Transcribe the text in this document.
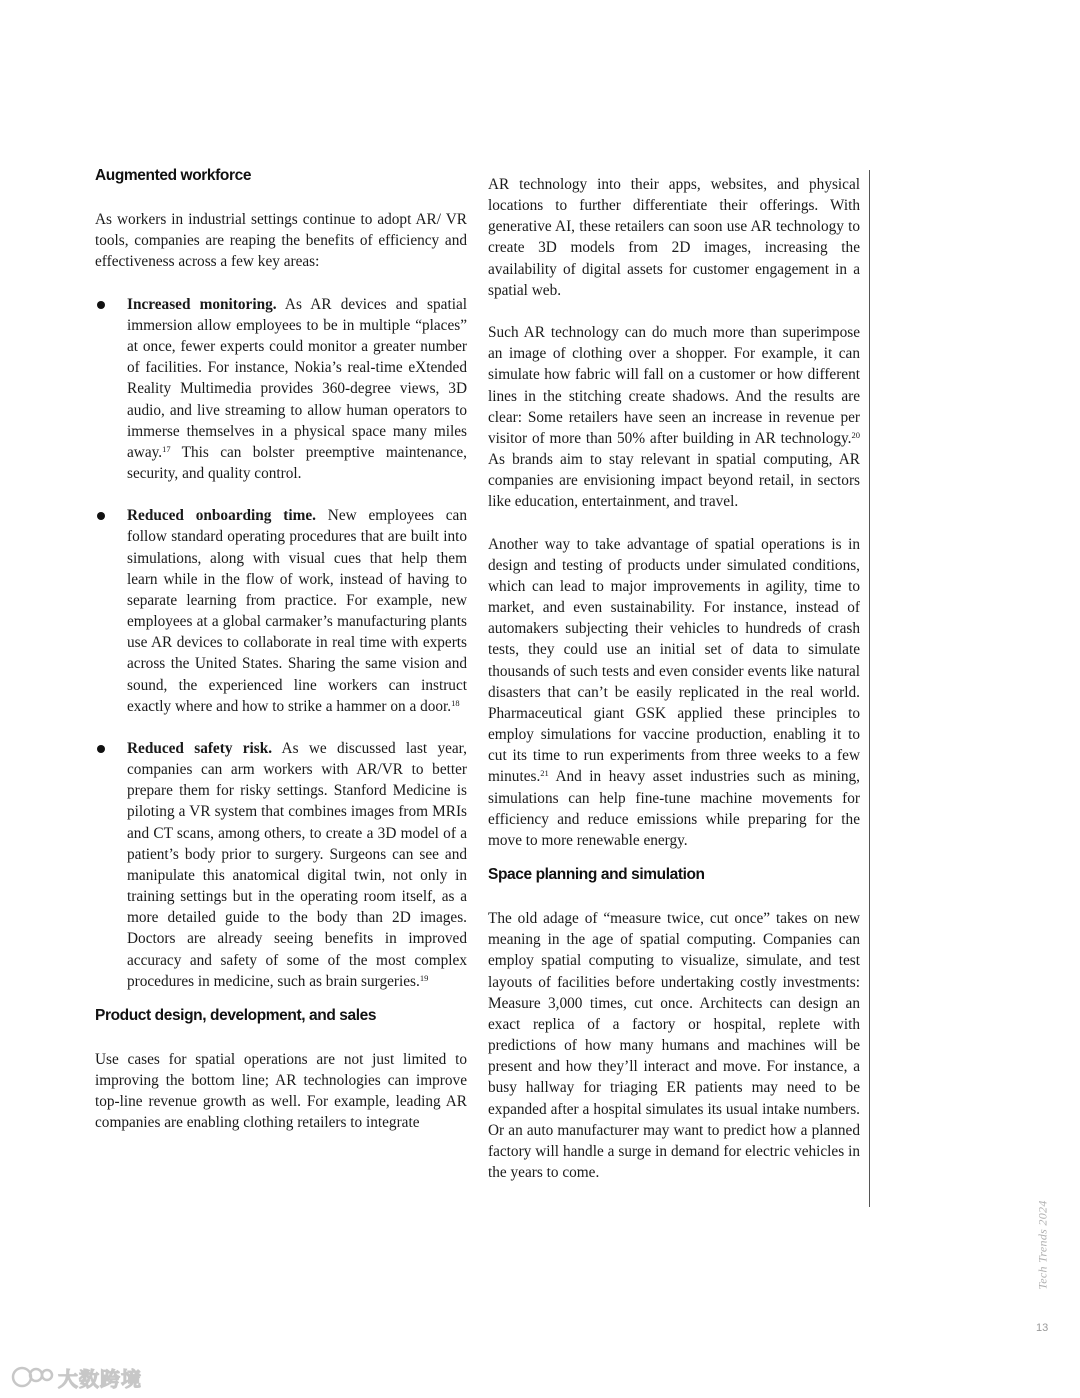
Augmented workforce

As workers in industrial settings continue to adopt AR/ VR tools, companies are reaping the benefits of efficiency and effectiveness across a few key areas:

Increased monitoring. As AR devices and spatial immersion allow employees to be in multiple “places” at once, fewer experts could monitor a greater number of facilities. For instance, Nokia’s real-time eXtended Reality Multimedia provides 360-degree views, 3D audio, and live streaming to allow human operators to immerse themselves in a physical space many miles away.$^{17}$ This can bolster preemptive maintenance, security, and quality control.
Reduced onboarding time. New employees can follow standard operating procedures that are built into simulations, along with visual cues that help them learn while in the flow of work, instead of having to separate learning from practice. For example, new employees at a global carmaker’s manufacturing plants use AR devices to collaborate in real time with experts across the United States. Sharing the same vision and sound, the experienced line workers can instruct exactly where and how to strike a hammer on a door.$^{18}$
Reduced safety risk. As we discussed last year, companies can arm workers with AR/VR to better prepare them for risky settings. Stanford Medicine is piloting a VR system that combines images from MRIs and CT scans, among others, to create a 3D model of a patient’s body prior to surgery. Surgeons can see and manipulate this anatomical digital twin, not only in training settings but in the operating room itself, as a more detailed guide to the body than 2D images. Doctors are already seeing benefits in improved accuracy and safety of some of the most complex procedures in medicine, such as brain surgeries.$^{19}$
Product design, development, and sales

Use cases for spatial operations are not just limited to improving the bottom line; AR technologies can improve top-line revenue growth as well. For example, leading AR companies are enabling clothing retailers to integrate

AR technology into their apps, websites, and physical locations to further differentiate their offerings. With generative AI, these retailers can soon use AR technology to create 3D models from 2D images, increasing the availability of digital assets for customer engagement in a spatial web.

Such AR technology can do much more than superimpose an image of clothing over a shopper. For example, it can simulate how fabric will fall on a customer or how different lines in the stitching create shadows. And the results are clear: Some retailers have seen an increase in revenue per visitor of more than 50% after building in AR technology.$^{20}$ As brands aim to stay relevant in spatial computing, AR companies are envisioning impact beyond retail, in sectors like education, entertainment, and travel.

Another way to take advantage of spatial operations is in design and testing of products under simulated conditions, which can lead to major improvements in agility, time to market, and even sustainability. For instance, instead of automakers subjecting their vehicles to hundreds of crash tests, they could use an initial set of data to simulate thousands of such tests and even consider events like natural disasters that can’t be easily replicated in the real world. Pharmaceutical giant GSK applied these principles to employ simulations for vaccine production, enabling it to cut its time to run experiments from three weeks to a few minutes.$^{21}$ And in heavy asset industries such as mining, simulations can help fine-tune machine movements for efficiency and reduce emissions while preparing for the move to more renewable energy.

Space planning and simulation

The old adage of “measure twice, cut once” takes on new meaning in the age of spatial computing. Companies can employ spatial computing to visualize, simulate, and test layouts of facilities before undertaking costly investments: Measure 3,000 times, cut once. Architects can design an exact replica of a factory or hospital, replete with predictions of how many humans and machines will be present and how they’ll interact and move. For instance, a busy hallway for triaging ER patients may need to be expanded after a hospital simulates its usual intake numbers. Or an auto manufacturer may want to predict how a planned factory will handle a surge in demand for electric vehicles in the years to come.

Tech Trends 2024
13
大数跨境
